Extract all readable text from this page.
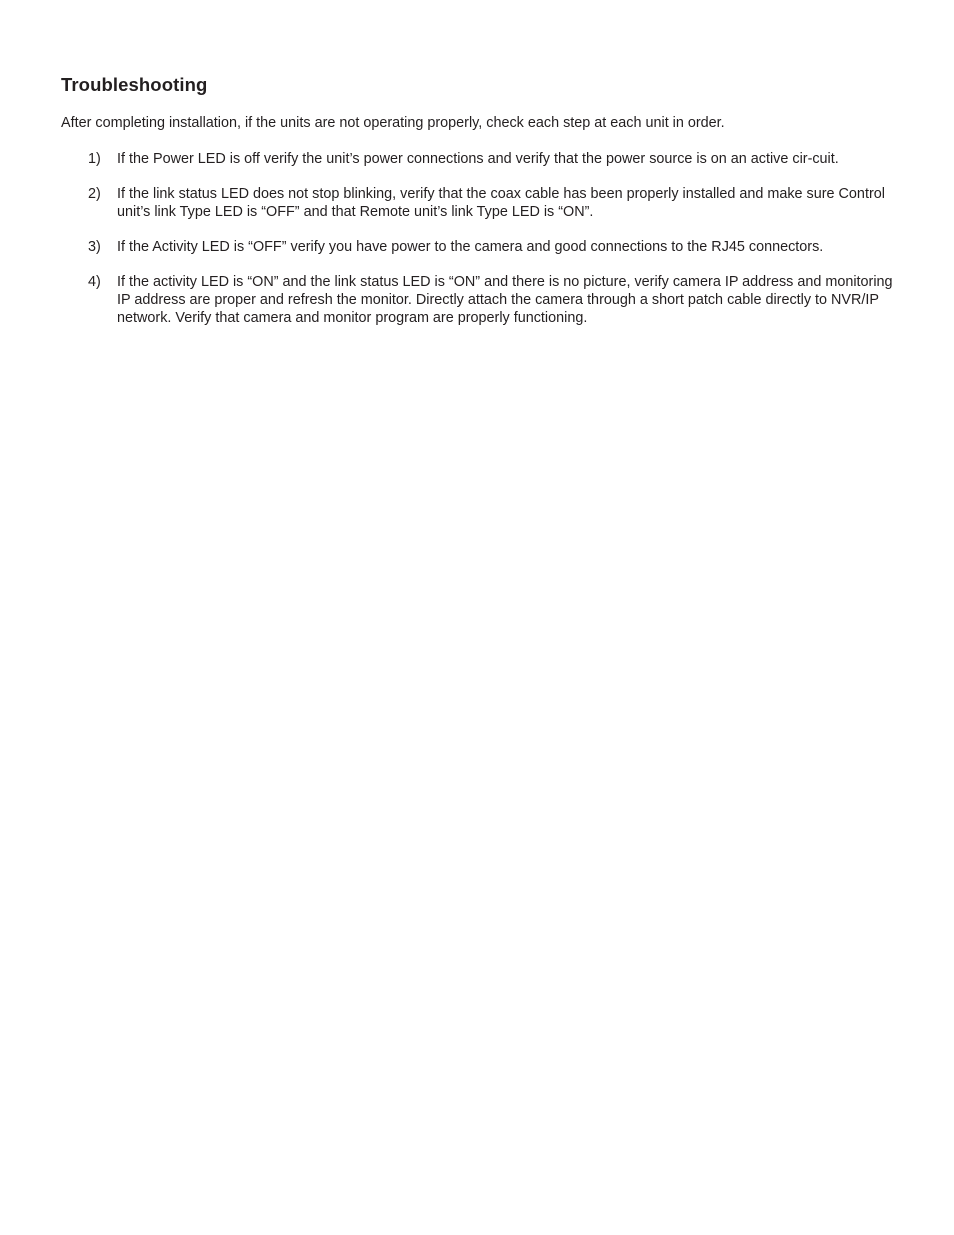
Troubleshooting

After completing installation, if the units are not operating properly, check each step at each unit in order.

1) If the Power LED is off verify the unit’s power connections and verify that the power source is on an active cir-cuit.
2) If the link status LED does not stop blinking, verify that the coax cable has been properly installed and make sure Control unit’s link Type LED is “OFF” and that Remote unit’s link Type LED is “ON”.
3) If the Activity LED is “OFF” verify you have power to the camera and good connections to the RJ45 connectors.
4) If the activity LED is “ON” and the link status LED is “ON” and there is no picture, verify camera IP address and monitoring IP address are proper and refresh the monitor. Directly attach the camera through a short patch cable directly to NVR/IP network. Verify that camera and monitor program are properly functioning.
